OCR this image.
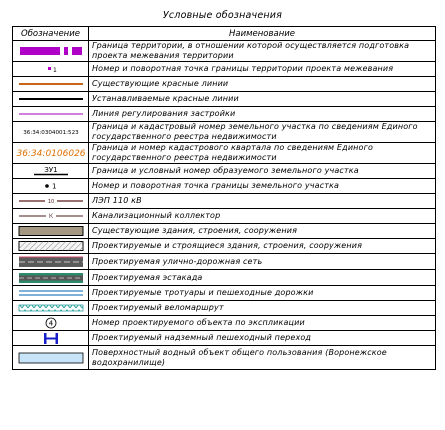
Условные обозначения
Обозначение	Наименование

	Граница территории, в отношении которой осуществляется подготовка проекта межевания территории

1	Номер и поворотная точка границы территории проекта межевания

	Существующие красные линии

	Устанавливаемые красные линии

	Линия регулирования застройки

36:34:0304001:523	Граница и кадастровый номер земельного участка по сведениям Единого государственного реестра недвижимости

36:34:0106026	Граница и номер кадастрового квартала по сведениям Единого государственного реестра недвижимости

ЗУ1	Граница и условный номер образуемого земельного участка

1	Номер и поворотная точка границы земельного участка

10	ЛЭП 110 кВ

К	Канализационный коллектор

	Существующие здания, строения, сооружения

	Проектируемые и строящиеся здания, строения, сооружения

	Проектируемая улично-дорожная сеть

	Проектируемая эстакада

	Проектируемые тротуары и пешеходные дорожки

	Проектируемый веломаршрут

4	Номер проектируемого объекта по экспликации

	Проектируемый надземный пешеходный переход

	Поверхностный водный объект общего пользования (Воронежское водохранилище)
